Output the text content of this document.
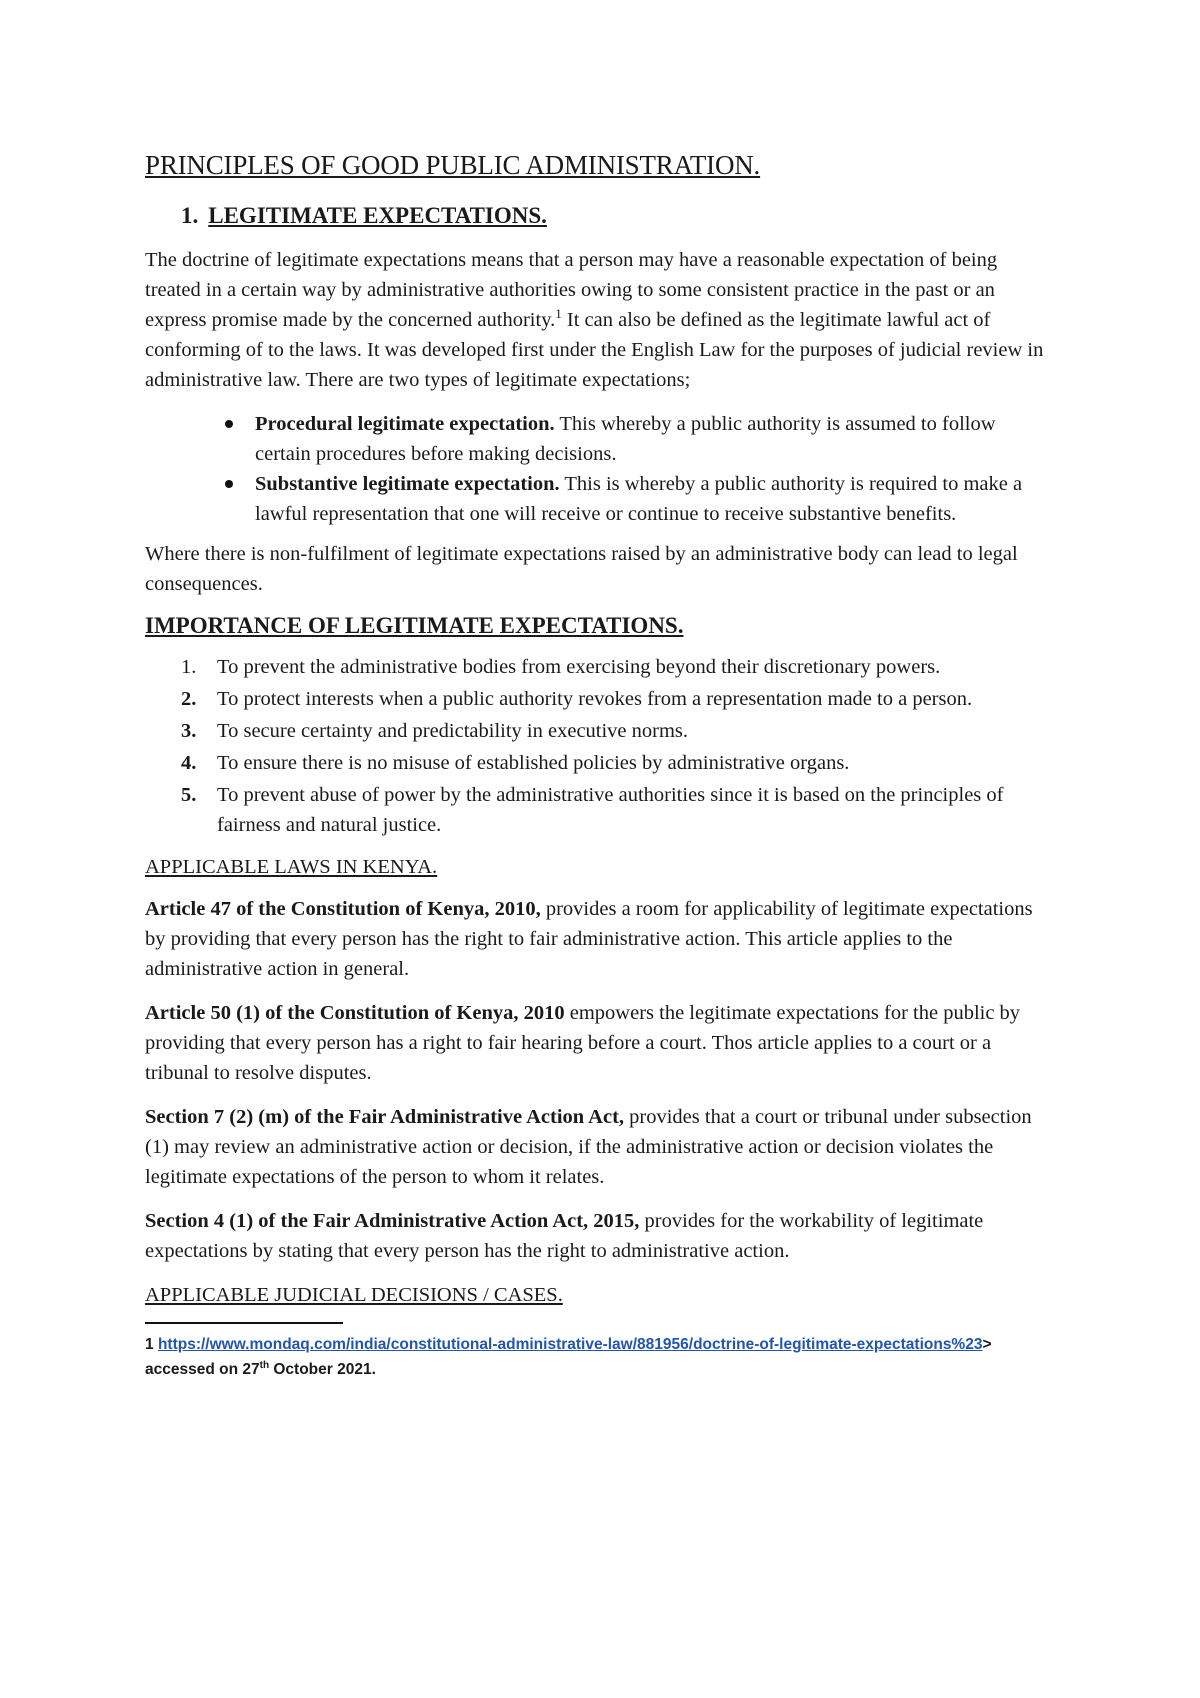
PRINCIPLES OF GOOD PUBLIC ADMINISTRATION.
1. LEGITIMATE EXPECTATIONS.

The doctrine of legitimate expectations means that a person may have a reasonable expectation of being treated in a certain way by administrative authorities owing to some consistent practice in the past or an express promise made by the concerned authority.$^1$ It can also be defined as the legitimate lawful act of conforming of to the laws. It was developed first under the English Law for the purposes of judicial review in administrative law. There are two types of legitimate expectations;

Procedural legitimate expectation. This whereby a public authority is assumed to follow certain procedures before making decisions.
Substantive legitimate expectation. This is whereby a public authority is required to make a lawful representation that one will receive or continue to receive substantive benefits.

Where there is non-fulfilment of legitimate expectations raised by an administrative body can lead to legal consequences.

IMPORTANCE OF LEGITIMATE EXPECTATIONS.
1. To prevent the administrative bodies from exercising beyond their discretionary powers.
2. To protect interests when a public authority revokes from a representation made to a person.
3. To secure certainty and predictability in executive norms.
4. To ensure there is no misuse of established policies by administrative organs.
5. To prevent abuse of power by the administrative authorities since it is based on the principles of fairness and natural justice.
APPLICABLE LAWS IN KENYA.

Article 47 of the Constitution of Kenya, 2010, provides a room for applicability of legitimate expectations by providing that every person has the right to fair administrative action. This article applies to the administrative action in general.

Article 50 (1) of the Constitution of Kenya, 2010 empowers the legitimate expectations for the public by providing that every person has a right to fair hearing before a court. Thos article applies to a court or a tribunal to resolve disputes.

Section 7 (2) (m) of the Fair Administrative Action Act, provides that a court or tribunal under subsection (1) may review an administrative action or decision, if the administrative action or decision violates the legitimate expectations of the person to whom it relates.

Section 4 (1) of the Fair Administrative Action Act, 2015, provides for the workability of legitimate expectations by stating that every person has the right to administrative action.

APPLICABLE JUDICIAL DECISIONS / CASES.
1 https://www.mondaq.com/india/constitutional-administrative-law/881956/doctrine-of-legitimate-expectations%23> accessed on 27th October 2021.
